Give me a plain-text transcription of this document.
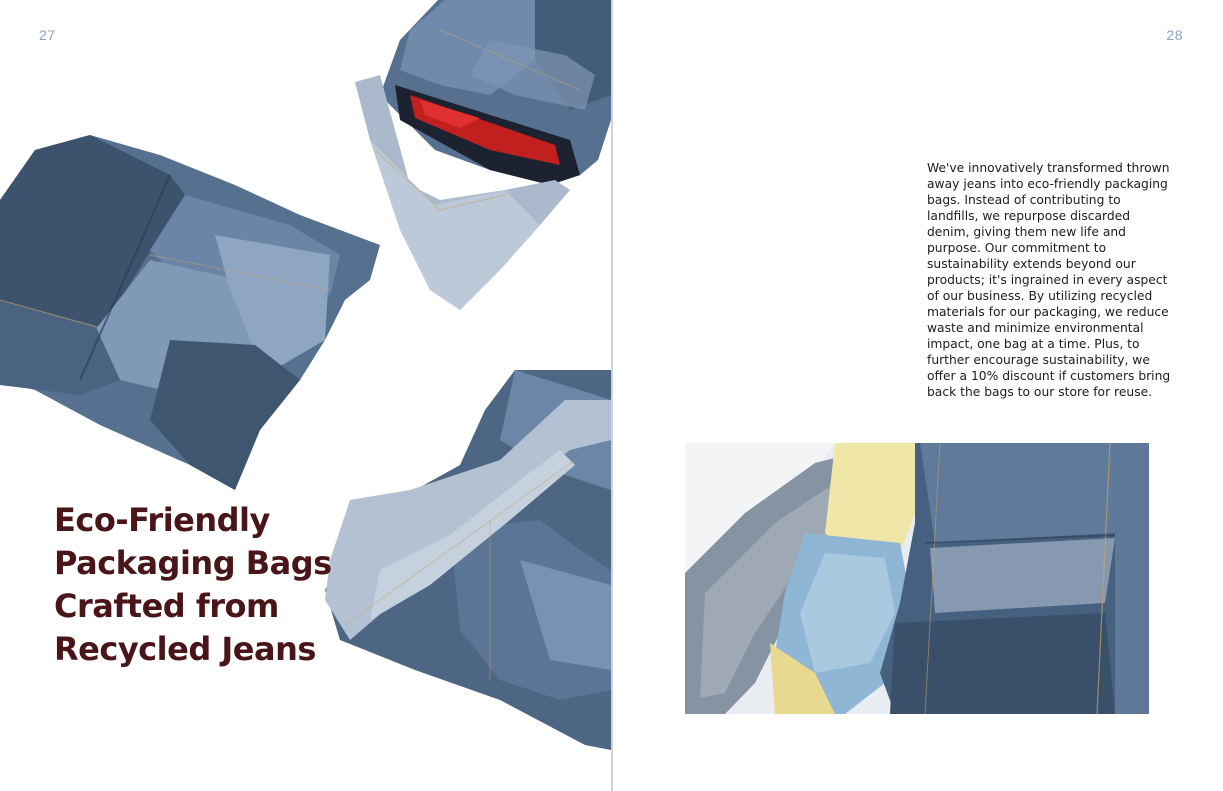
27
Eco-Friendly
Packaging Bags
Crafted from
Recycled Jeans
28

We've innovatively transformed thrown away jeans into eco-friendly packaging bags. Instead of contributing to landfills, we repurpose discarded denim, giving them new life and purpose. Our commitment to sustainability extends beyond our products; it's ingrained in every aspect of our business. By utilizing recycled materials for our packaging, we reduce waste and minimize environmental impact, one bag at a time. Plus, to further encourage sustainability, we offer a 10% discount if customers bring back the bags to our store for reuse.
